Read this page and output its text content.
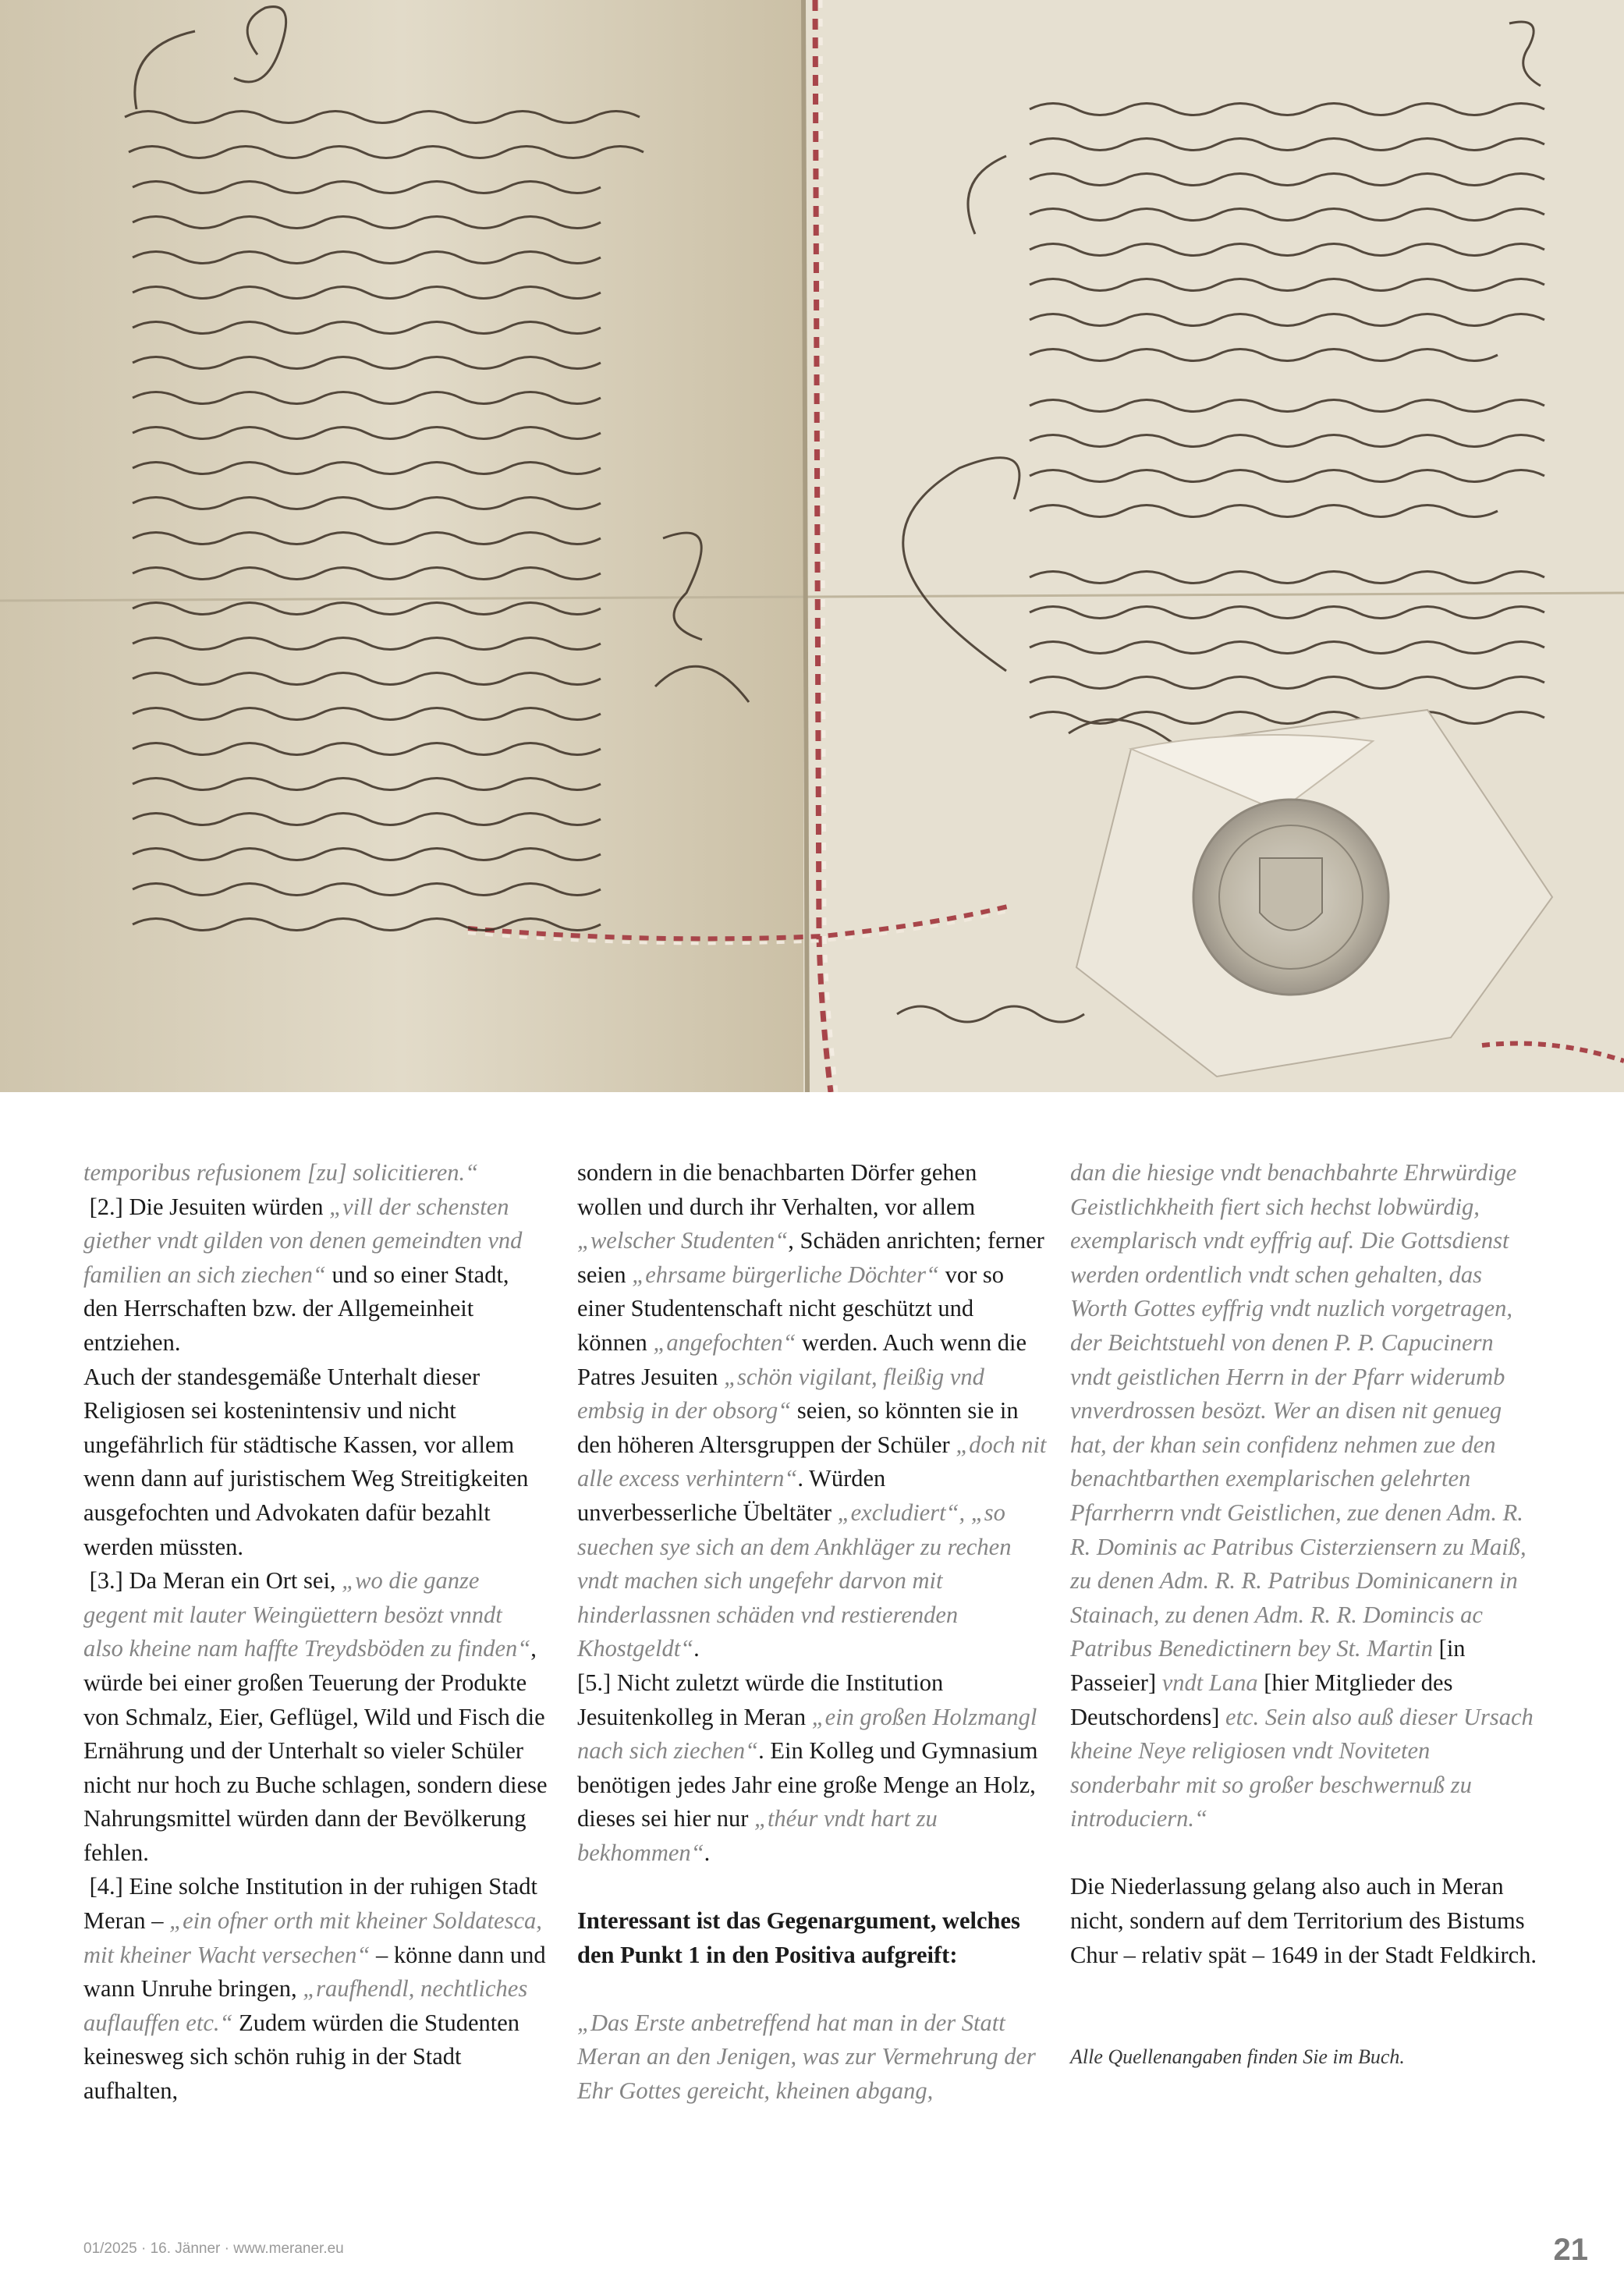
temporibus refusionem [zu] solicitieren.“

[2.] Die Jesuiten würden „vill der schensten giether vndt gilden von denen gemeindten vnd familien an sich ziechen“ und so einer Stadt, den Herrschaften bzw. der Allgemeinheit entziehen.

Auch der standesgemäße Unterhalt dieser Religiosen sei kostenintensiv und nicht ungefährlich für städtische Kassen, vor allem wenn dann auf juristischem Weg Streitigkeiten ausgefochten und Advokaten dafür bezahlt werden müssten.

[3.] Da Meran ein Ort sei, „wo die ganze gegent mit lauter Weingüettern besözt vnndt also kheine nam haffte Treydsböden zu finden“, würde bei einer großen Teuerung der Produkte von Schmalz, Eier, Geflügel, Wild und Fisch die Ernährung und der Unterhalt so vieler Schüler nicht nur hoch zu Buche schlagen, sondern diese Nahrungsmittel würden dann der Bevölkerung fehlen.

[4.] Eine solche Institution in der ruhigen Stadt Meran – „ein ofner orth mit kheiner Soldatesca, mit kheiner Wacht versechen“ – könne dann und wann Unruhe bringen, „raufhendl, nechtliches auflauffen etc.“ Zudem würden die Studenten keinesweg sich schön ruhig in der Stadt aufhalten,

sondern in die benachbarten Dörfer gehen wollen und durch ihr Verhalten, vor allem „welscher Studenten“, Schäden anrichten; ferner seien „ehrsame bürgerliche Döchter“ vor so einer Studentenschaft nicht geschützt und können „angefochten“ werden. Auch wenn die Patres Jesuiten „schön vigilant, fleißig vnd embsig in der obsorg“ seien, so könnten sie in den höheren Altersgruppen der Schüler „doch nit alle excess verhintern“. Würden unverbesserliche Übeltäter „excludiert“, „so suechen sye sich an dem Ankhläger zu rechen vndt machen sich ungefehr darvon mit hinderlassnen schäden vnd restierenden Khostgeldt“.

[5.] Nicht zuletzt würde die Institution Jesuitenkolleg in Meran „ein großen Holzmangl nach sich ziechen“. Ein Kolleg und Gymnasium benötigen jedes Jahr eine große Menge an Holz, dieses sei hier nur „théur vndt hart zu bekhommen“.

Interessant ist das Gegenargument, welches den Punkt 1 in den Positiva aufgreift:

„Das Erste anbetreffend hat man in der Statt Meran an den Jenigen, was zur Vermehrung der Ehr Gottes gereicht, kheinen abgang,

dan die hiesige vndt benachbahrte Ehrwürdige Geistlichkheith fiert sich hechst lobwürdig, exemplarisch vndt eyffrig auf. Die Gottsdienst werden ordentlich vndt schen gehalten, das Worth Gottes eyffrig vndt nuzlich vorgetragen, der Beichtstuehl von denen P. P. Capucinern vndt geistlichen Herrn in der Pfarr widerumb vnverdrossen besözt. Wer an disen nit genueg hat, der khan sein confidenz nehmen zue den benachtbarthen exemplarischen gelehrten Pfarrherrn vndt Geistlichen, zue denen Adm. R. R. Dominis ac Patribus Cisterziensern zu Maiß, zu denen Adm. R. R. Patribus Dominicanern in Stainach, zu denen Adm. R. R. Domincis ac Patribus Benedictinern bey St. Martin [in Passeier] vndt Lana [hier Mitglieder des Deutschordens] etc. Sein also auß dieser Ursach kheine Neye religiosen vndt Noviteten sonderbahr mit so großer beschwernuß zu introduciern.“

Die Niederlassung gelang also auch in Meran nicht, sondern auf dem Territorium des Bistums Chur – relativ spät – 1649 in der Stadt Feldkirch.

Alle Quellenangaben finden Sie im Buch.

01/2025 · 16. Jänner · www.meraner.eu	21
